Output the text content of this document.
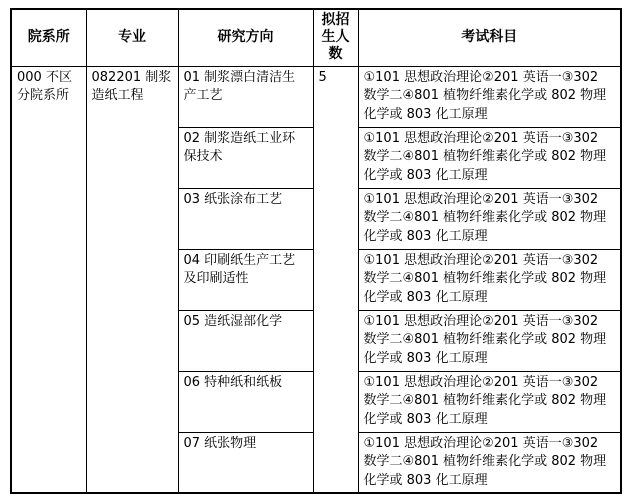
院系所	专业	研究方向	拟招生人数	考试科目
000 不区分院系所	082201 制浆造纸工程	01 制浆漂白清洁生产工艺	5	①101 思想政治理论②201 英语一③302 数学二④801 植物纤维素化学或 802 物理化学或 803 化工原理
		02 制浆造纸工业环保技术		①101 思想政治理论②201 英语一③302 数学二④801 植物纤维素化学或 802 物理化学或 803 化工原理
		03 纸张涂布工艺		①101 思想政治理论②201 英语一③302 数学二④801 植物纤维素化学或 802 物理化学或 803 化工原理
		04 印刷纸生产工艺及印刷适性		①101 思想政治理论②201 英语一③302 数学二④801 植物纤维素化学或 802 物理化学或 803 化工原理
		05 造纸湿部化学		①101 思想政治理论②201 英语一③302 数学二④801 植物纤维素化学或 802 物理化学或 803 化工原理
		06 特种纸和纸板		①101 思想政治理论②201 英语一③302 数学二④801 植物纤维素化学或 802 物理化学或 803 化工原理
		07 纸张物理		①101 思想政治理论②201 英语一③302 数学二④801 植物纤维素化学或 802 物理化学或 803 化工原理
